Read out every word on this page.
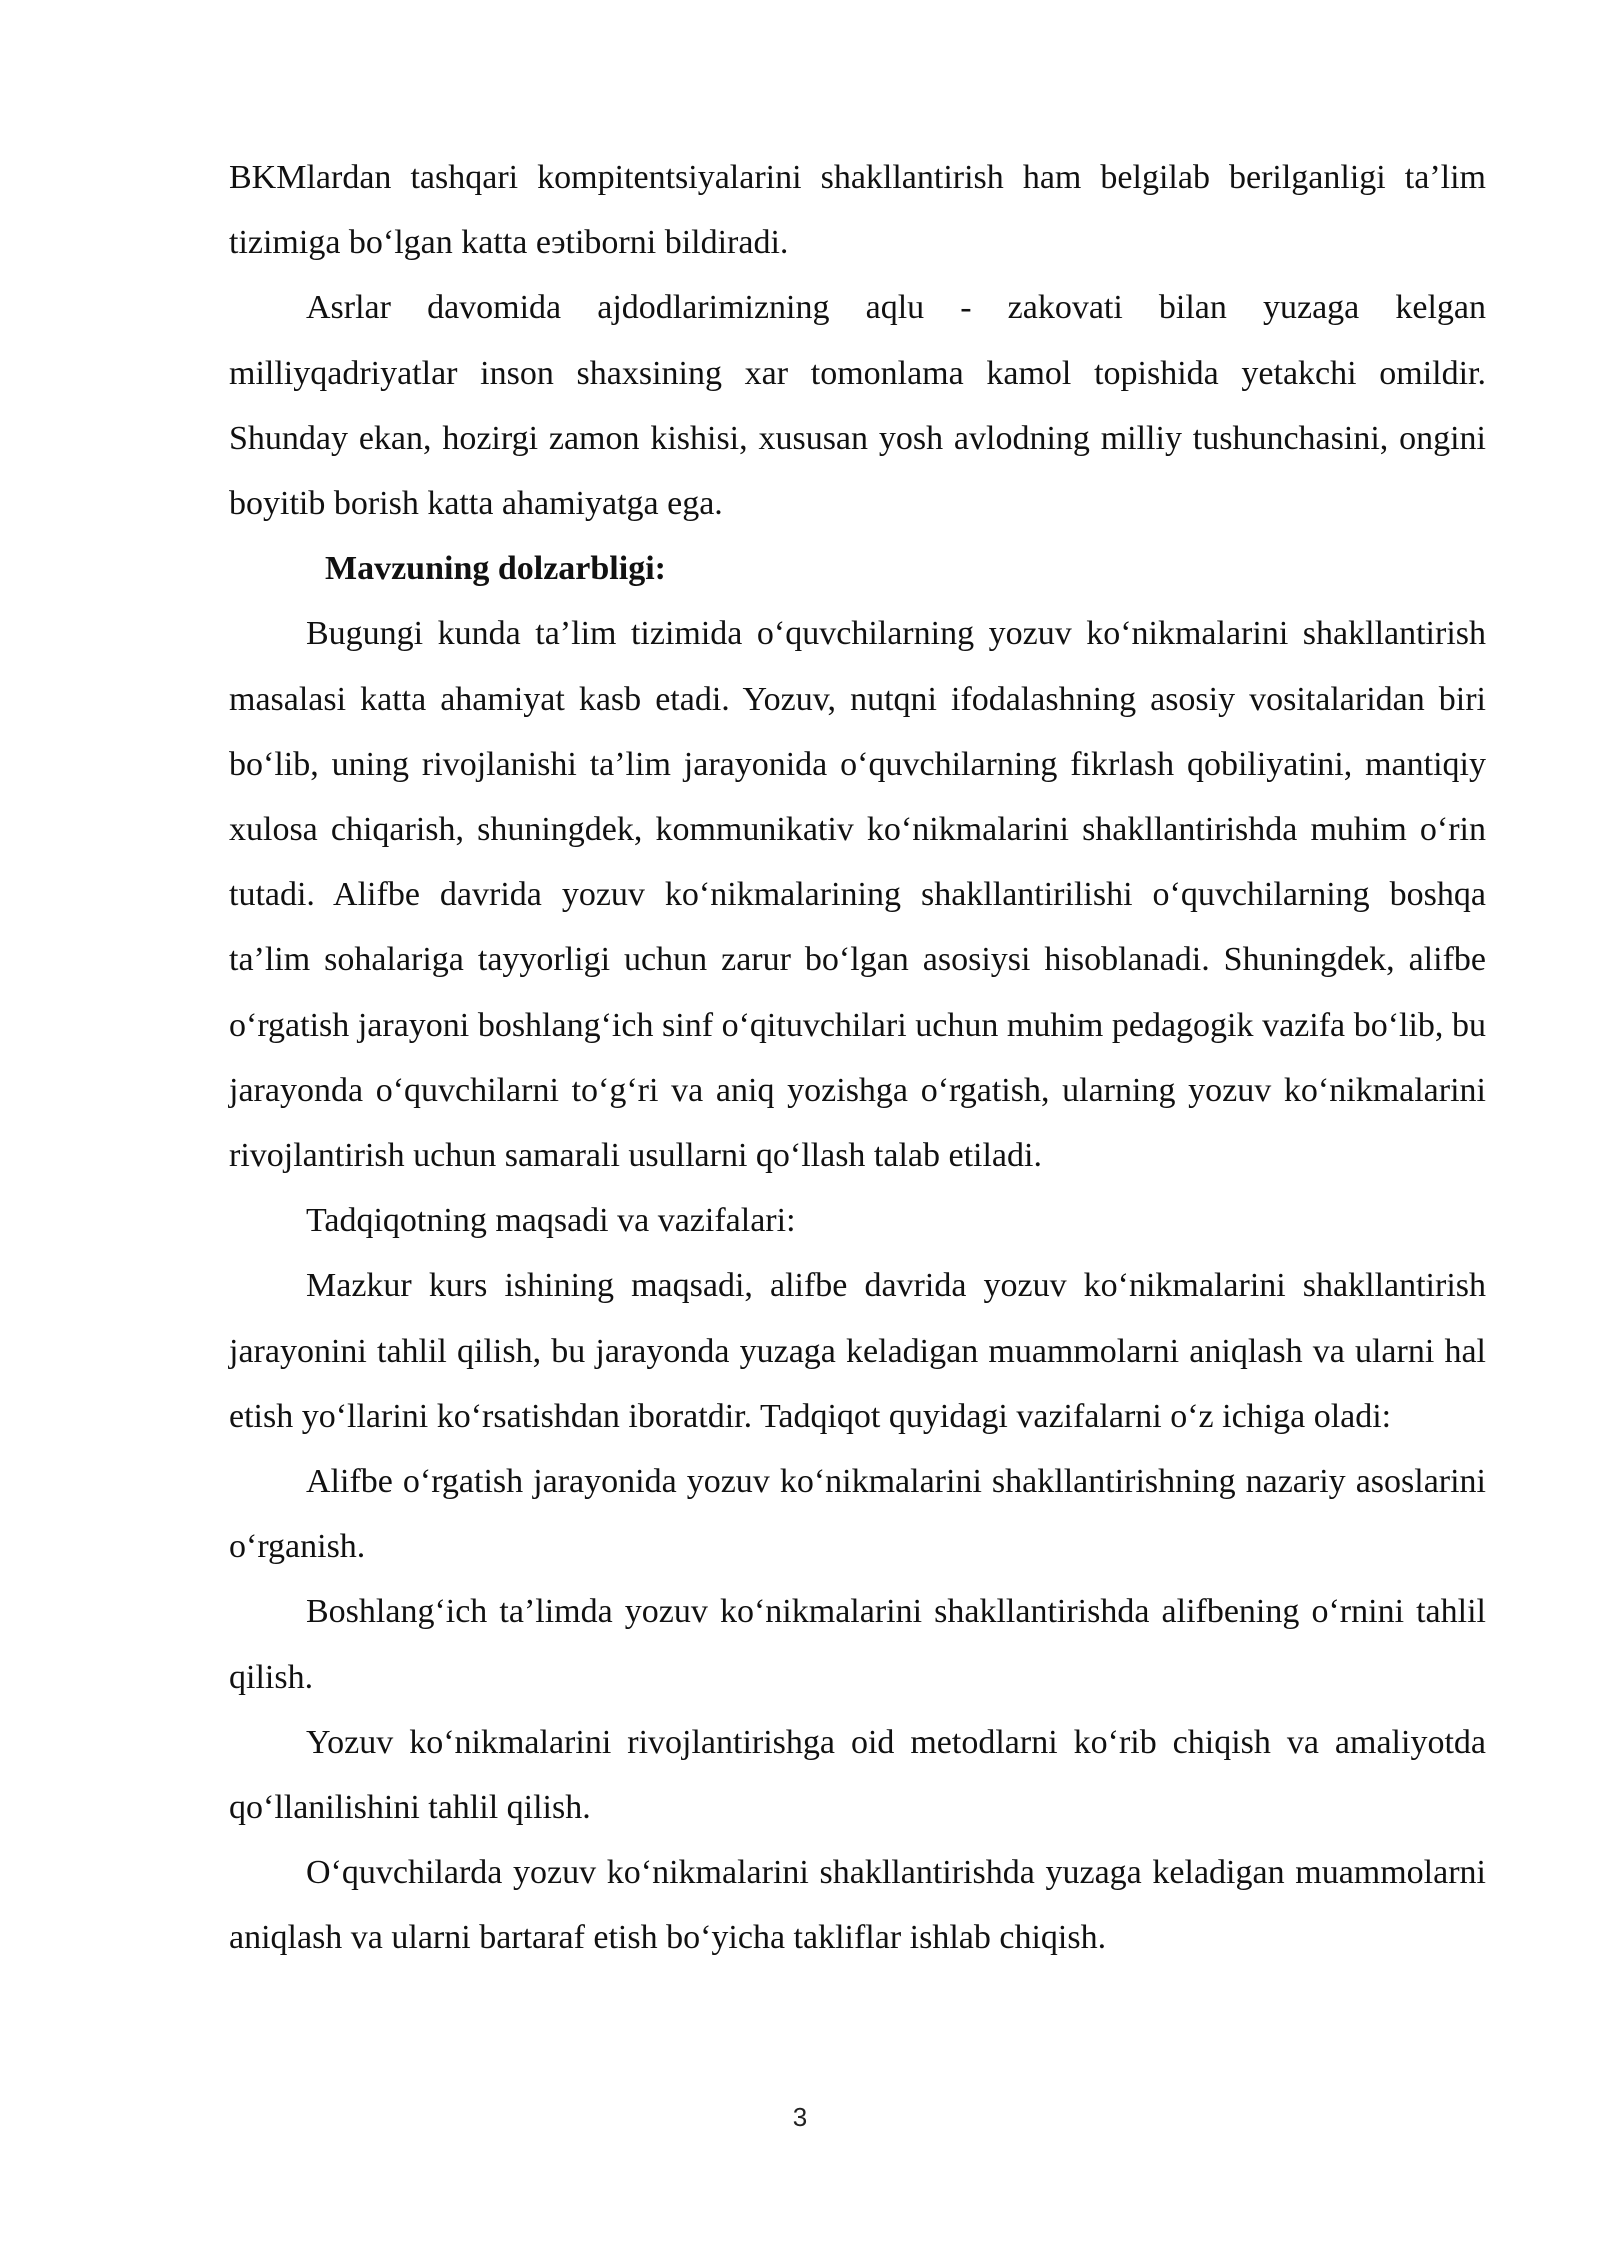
BKMlardan tashqari kompitentsiyalarini shakllantirish ham belgilab berilganligi ta’lim tizimiga bo‘lgan katta eэtiborni bildiradi.

Asrlar davomida ajdodlarimizning aqlu - zakovati bilan yuzaga kelgan milliyqadriyatlar inson shaxsining xar tomonlama kamol topishida yetakchi omildir. Shunday ekan, hozirgi zamon kishisi, xususan yosh avlodning milliy tushunchasini, ongini boyitib borish katta ahamiyatga ega.

Mavzuning dolzarbligi:

Bugungi kunda ta’lim tizimida o‘quvchilarning yozuv ko‘nikmalarini shakllantirish masalasi katta ahamiyat kasb etadi. Yozuv, nutqni ifodalashning asosiy vositalaridan biri bo‘lib, uning rivojlanishi ta’lim jarayonida o‘quvchilarning fikrlash qobiliyatini, mantiqiy xulosa chiqarish, shuningdek, kommunikativ ko‘nikmalarini shakllantirishda muhim o‘rin tutadi. Alifbe davrida yozuv ko‘nikmalarining shakllantirilishi o‘quvchilarning boshqa ta’lim sohalariga tayyorligi uchun zarur bo‘lgan asosiysi hisoblanadi. Shuningdek, alifbe o‘rgatish jarayoni boshlang‘ich sinf o‘qituvchilari uchun muhim pedagogik vazifa bo‘lib, bu jarayonda o‘quvchilarni to‘g‘ri va aniq yozishga o‘rgatish, ularning yozuv ko‘nikmalarini rivojlantirish uchun samarali usullarni qo‘llash talab etiladi.

Tadqiqotning maqsadi va vazifalari:

Mazkur kurs ishining maqsadi, alifbe davrida yozuv ko‘nikmalarini shakllantirish jarayonini tahlil qilish, bu jarayonda yuzaga keladigan muammolarni aniqlash va ularni hal etish yo‘llarini ko‘rsatishdan iboratdir. Tadqiqot quyidagi vazifalarni o‘z ichiga oladi:

Alifbe o‘rgatish jarayonida yozuv ko‘nikmalarini shakllantirishning nazariy asoslarini o‘rganish.

Boshlang‘ich ta’limda yozuv ko‘nikmalarini shakllantirishda alifbening o‘rnini tahlil qilish.

Yozuv ko‘nikmalarini rivojlantirishga oid metodlarni ko‘rib chiqish va amaliyotda qo‘llanilishini tahlil qilish.

O‘quvchilarda yozuv ko‘nikmalarini shakllantirishda yuzaga keladigan muammolarni aniqlash va ularni bartaraf etish bo‘yicha takliflar ishlab chiqish.

3
